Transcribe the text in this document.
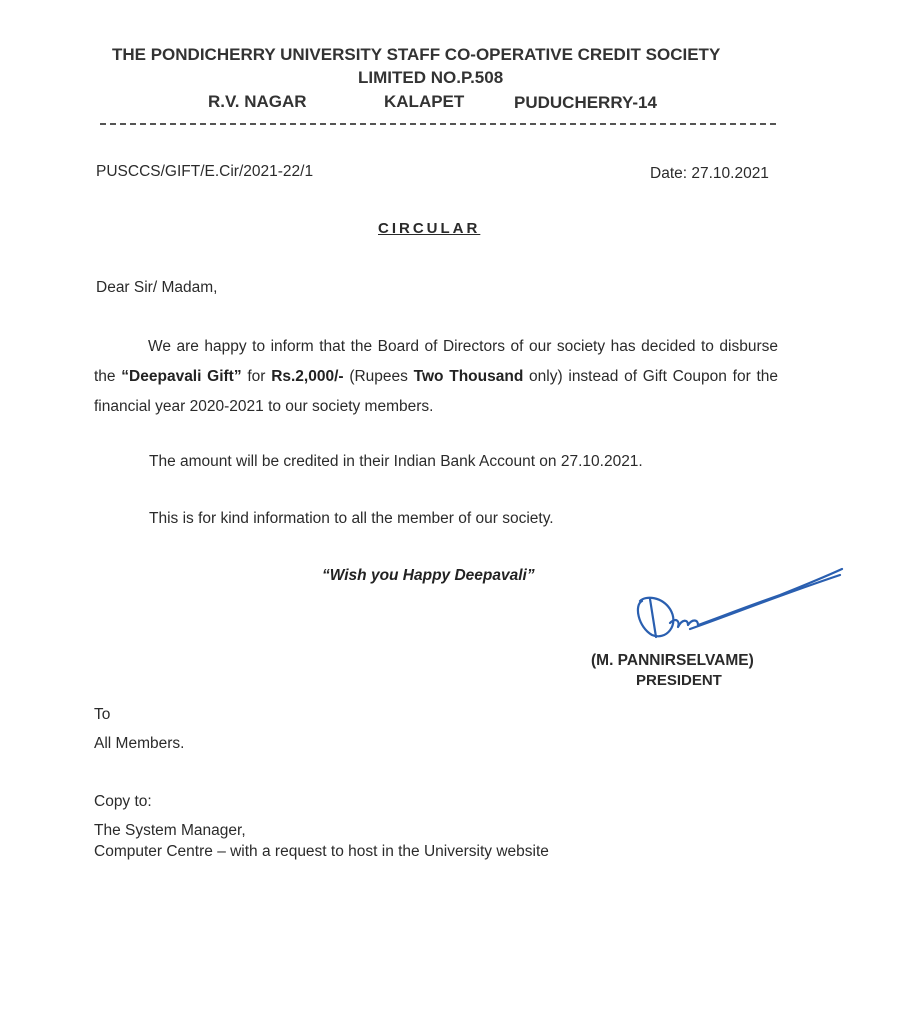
THE PONDICHERRY UNIVERSITY STAFF CO-OPERATIVE CREDIT SOCIETY
LIMITED NO.P.508
R.V. NAGAR	KALAPET	PUDUCHERRY-14
PUSCCS/GIFT/E.Cir/2021-22/1	Date: 27.10.2021
CIRCULAR
Dear Sir/ Madam,
We are happy to inform that the Board of Directors of our society has decided to disburse the “Deepavali Gift” for Rs.2,000/- (Rupees Two Thousand only) instead of Gift Coupon for the financial year 2020-2021 to our society members.
The amount will be credited in their Indian Bank Account on 27.10.2021.
This is for kind information to all the member of our society.
“Wish you Happy Deepavali”
(M. PANNIRSELVAME)
PRESIDENT
To
All Members.
Copy to:
The System Manager,
Computer Centre – with a request to host in the University website
